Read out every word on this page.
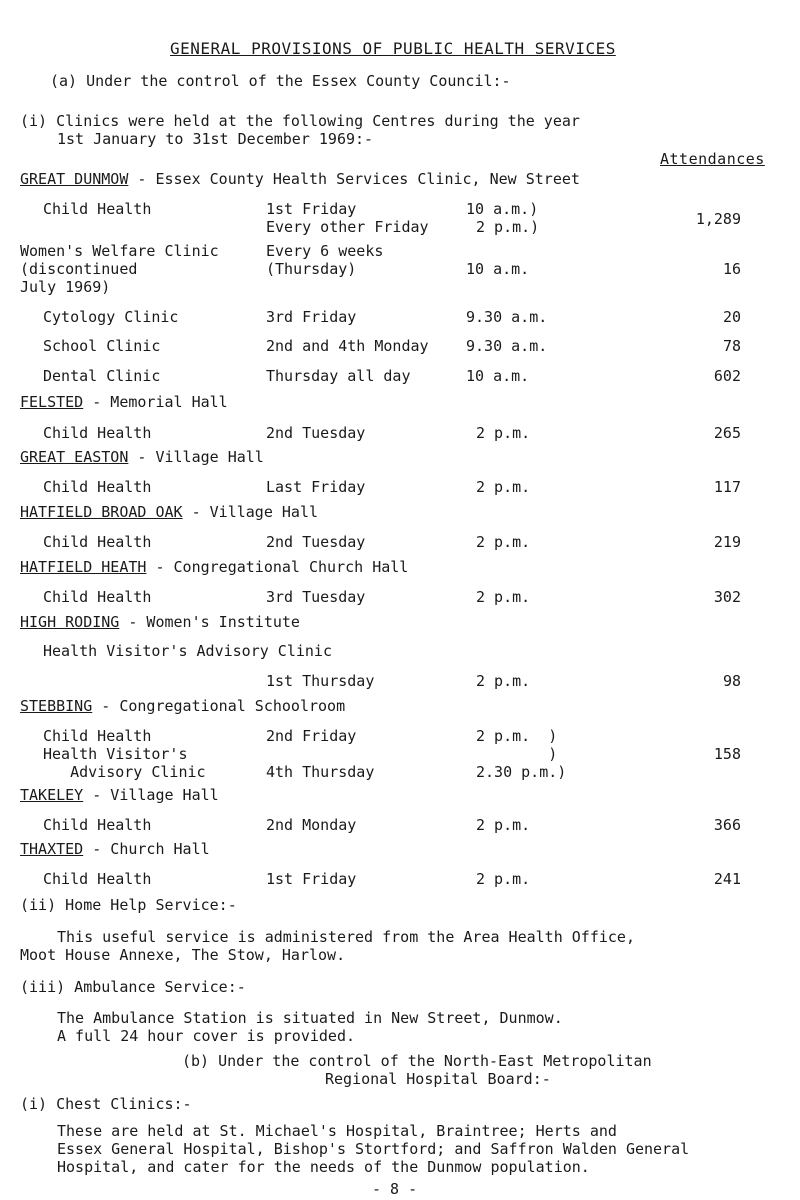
GENERAL PROVISIONS OF PUBLIC HEALTH SERVICES
(a) Under the control of the Essex County Council:-
(i) Clinics were held at the following Centres during the year
1st January to 31st December 1969:-
Attendances
GREAT DUNMOW - Essex County Health Services Clinic, New Street
Child Health	1st Friday	10 a.m.)
Every other Friday	2 p.m.)	1,289
Women's Welfare Clinic	Every 6 weeks
(discontinued	(Thursday)	10 a.m.	16
July 1969)
Cytology Clinic	3rd Friday	9.30 a.m.	20
School Clinic	2nd and 4th Monday 9.30 a.m.	78
Dental Clinic	Thursday all day	10 a.m.	602
FELSTED - Memorial Hall
Child Health	2nd Tuesday	2 p.m.	265
GREAT EASTON - Village Hall
Child Health	Last Friday	2 p.m.	117
HATFIELD BROAD OAK - Village Hall
Child Health	2nd Tuesday	2 p.m.	219
HATFIELD HEATH - Congregational Church Hall
Child Health	3rd Tuesday	2 p.m.	302
HIGH RODING - Women's Institute
Health Visitor's Advisory Clinic
1st Thursday	2 p.m.	98
STEBBING - Congregational Schoolroom
Child Health	2nd Friday	2 p.m.  )
Health Visitor's	)	158
Advisory Clinic	4th Thursday	2.30 p.m.)
TAKELEY - Village Hall
Child Health	2nd Monday	2 p.m.	366
THAXTED - Church Hall
Child Health	1st Friday	2 p.m.	241
(ii) Home Help Service:-
This useful service is administered from the Area Health Office,
Moot House Annexe, The Stow, Harlow.
(iii) Ambulance Service:-
The Ambulance Station is situated in New Street, Dunmow.
A full 24 hour cover is provided.
(b) Under the control of the North-East Metropolitan
Regional Hospital Board:-
(i) Chest Clinics:-
These are held at St. Michael's Hospital, Braintree; Herts and
Essex General Hospital, Bishop's Stortford; and Saffron Walden General
Hospital, and cater for the needs of the Dunmow population.
- 8 -
